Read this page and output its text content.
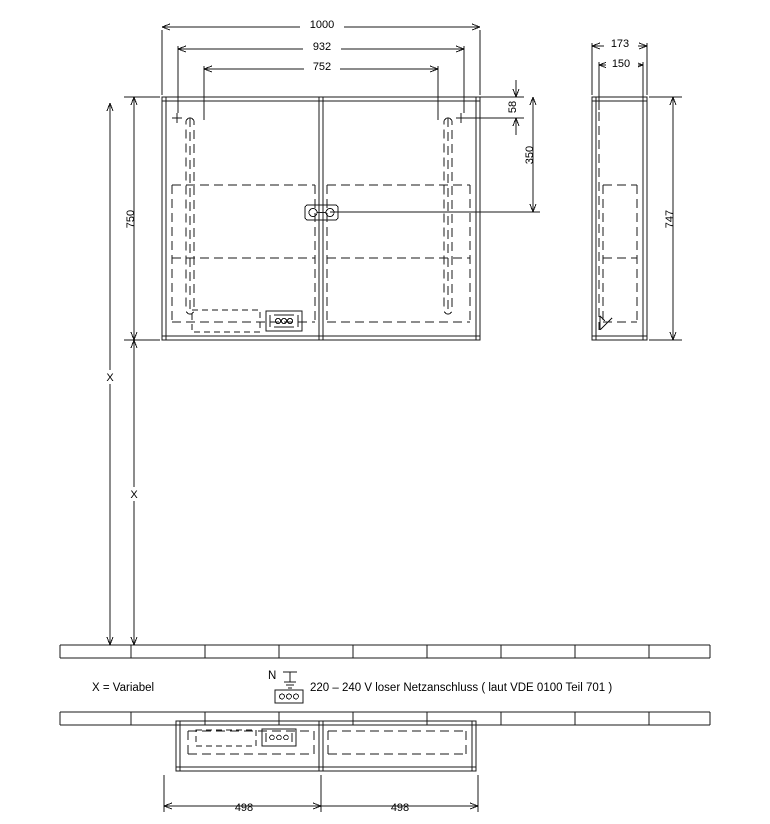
1000
932
752
58
350
750
X
X
173
150
747
498	498
X = Variabel
N
220 – 240 V loser Netzanschluss ( laut VDE 0100 Teil 701 )
